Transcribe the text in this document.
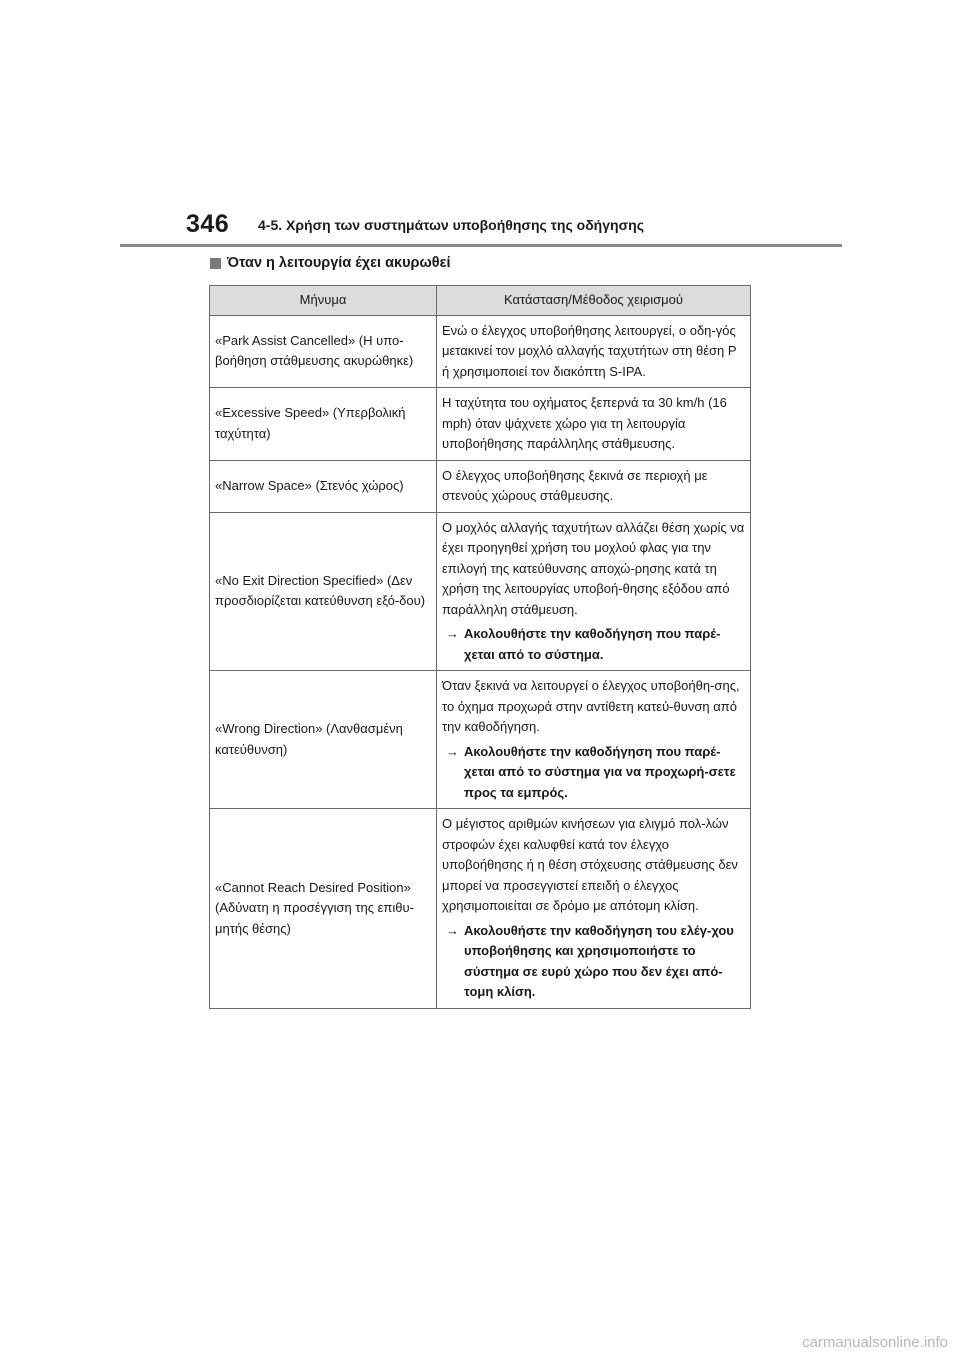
346 4-5. Χρήση των συστημάτων υποβοήθησης της οδήγησης
Όταν η λειτουργία έχει ακυρωθεί
Μήνυμα	Κατάσταση/Μέθοδος χειρισμού
«Park Assist Cancelled» (Η υπο-βοήθηση στάθμευσης ακυρώθηκε)	Ενώ ο έλεγχος υποβοήθησης λειτουργεί, ο οδη-γός μετακινεί τον μοχλό αλλαγής ταχυτήτων στη θέση P ή χρησιμοποιεί τον διακόπτη S-IPA.

«Excessive Speed» (Υπερβολική ταχύτητα)	Η ταχύτητα του οχήματος ξεπερνά τα 30 km/h (16 mph) όταν ψάχνετε χώρο για τη λειτουργία υποβοήθησης παράλληλης στάθμευσης.

«Narrow Space» (Στενός χώρος)	Ο έλεγχος υποβοήθησης ξεκινά σε περιοχή με στενούς χώρους στάθμευσης.

«No Exit Direction Specified» (Δεν προσδιορίζεται κατεύθυνση εξό-δου)	Ο μοχλός αλλαγής ταχυτήτων αλλάζει θέση χωρίς να έχει προηγηθεί χρήση του μοχλού φλας για την επιλογή της κατεύθυνσης αποχώ-ρησης κατά τη χρήση της λειτουργίας υποβοή-θησης εξόδου από παράλληλη στάθμευση.
→ Ακολουθήστε την καθοδήγηση που παρέ-χεται από το σύστημα.

«Wrong Direction» (Λανθασμένη κατεύθυνση)	Όταν ξεκινά να λειτουργεί ο έλεγχος υποβοήθη-σης, το όχημα προχωρά στην αντίθετη κατεύ-θυνση από την καθοδήγηση.
→ Ακολουθήστε την καθοδήγηση που παρέ-χεται από το σύστημα για να προχωρή-σετε προς τα εμπρός.

«Cannot Reach Desired Position» (Αδύνατη η προσέγγιση της επιθυ-μητής θέσης)	Ο μέγιστος αριθμών κινήσεων για ελιγμό πολ-λών στροφών έχει καλυφθεί κατά τον έλεγχο υποβοήθησης ή η θέση στόχευσης στάθμευσης δεν μπορεί να προσεγγιστεί επειδή ο έλεγχος χρησιμοποιείται σε δρόμο με απότομη κλίση.
→ Ακολουθήστε την καθοδήγηση του ελέγ-χου υποβοήθησης και χρησιμοποιήστε το σύστημα σε ευρύ χώρο που δεν έχει από-τομη κλίση.
carmanualsonline.info
